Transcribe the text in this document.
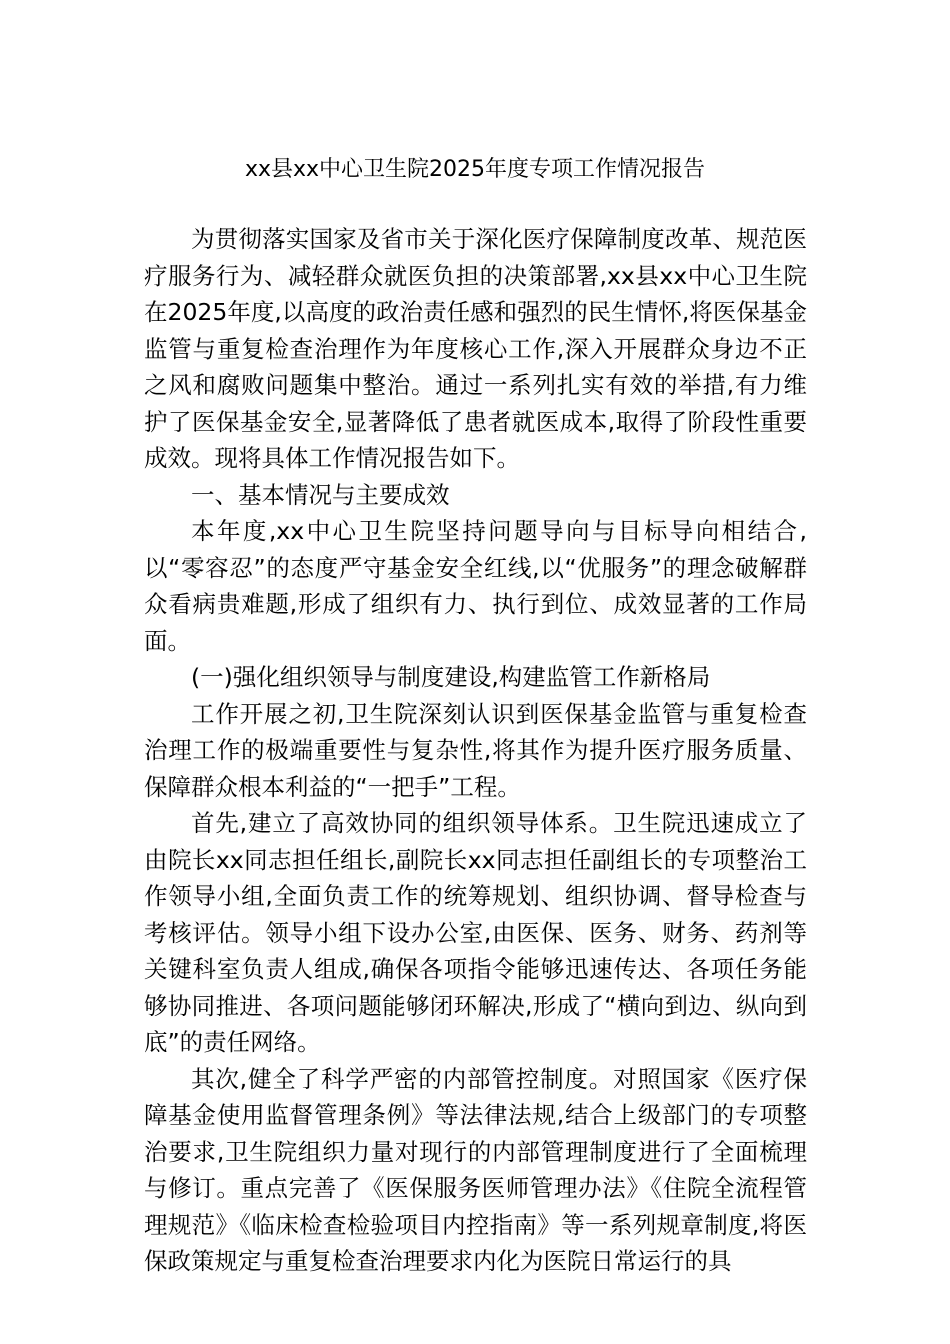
xx县xx中心卫生院2025年度专项工作情况报告

为贯彻落实国家及省市关于深化医疗保障制度改革、规范医疗服务行为、减轻群众就医负担的决策部署,xx县xx中心卫生院在2025年度,以高度的政治责任感和强烈的民生情怀,将医保基金监管与重复检查治理作为年度核心工作,深入开展群众身边不正之风和腐败问题集中整治。通过一系列扎实有效的举措,有力维护了医保基金安全,显著降低了患者就医成本,取得了阶段性重要成效。现将具体工作情况报告如下。

一、基本情况与主要成效

本年度,xx中心卫生院坚持问题导向与目标导向相结合,以“零容忍”的态度严守基金安全红线,以“优服务”的理念破解群众看病贵难题,形成了组织有力、执行到位、成效显著的工作局面。

(一)强化组织领导与制度建设,构建监管工作新格局

工作开展之初,卫生院深刻认识到医保基金监管与重复检查治理工作的极端重要性与复杂性,将其作为提升医疗服务质量、保障群众根本利益的“一把手”工程。

首先,建立了高效协同的组织领导体系。卫生院迅速成立了由院长xx同志担任组长,副院长xx同志担任副组长的专项整治工作领导小组,全面负责工作的统筹规划、组织协调、督导检查与考核评估。领导小组下设办公室,由医保、医务、财务、药剂等关键科室负责人组成,确保各项指令能够迅速传达、各项任务能够协同推进、各项问题能够闭环解决,形成了“横向到边、纵向到底”的责任网络。

其次,健全了科学严密的内部管控制度。对照国家《医疗保障基金使用监督管理条例》等法律法规,结合上级部门的专项整治要求,卫生院组织力量对现行的内部管理制度进行了全面梳理与修订。重点完善了《医保服务医师管理办法》《住院全流程管理规范》《临床检查检验项目内控指南》等一系列规章制度,将医保政策规定与重复检查治理要求内化为医院日常运行的具
